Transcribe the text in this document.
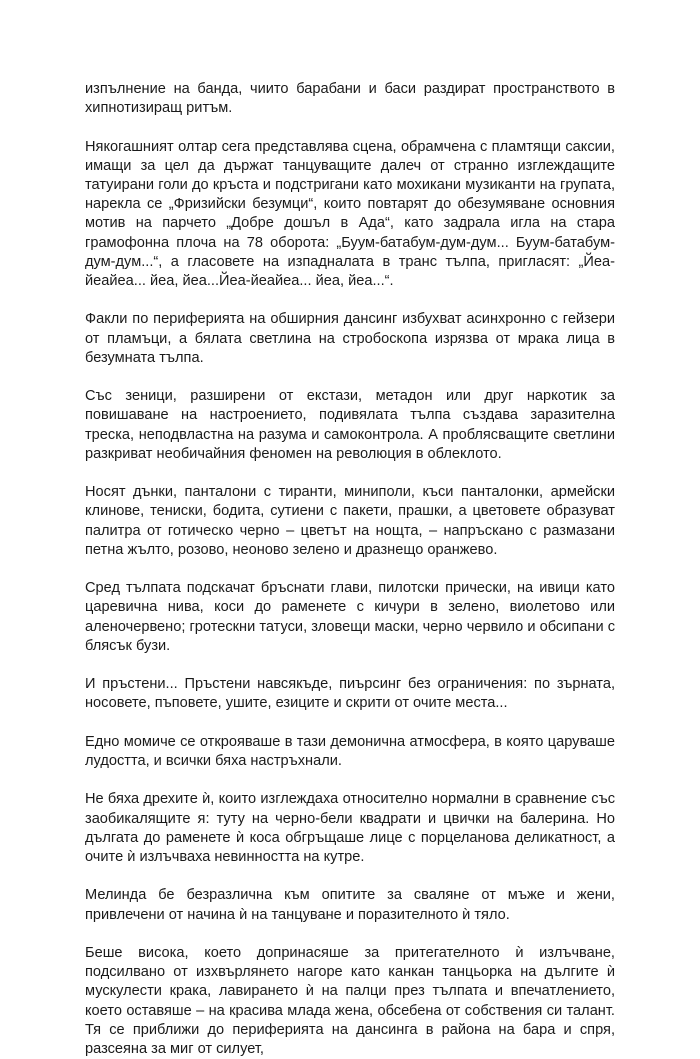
изпълнение на банда, чиито барабани и баси раздират пространството в хипнотизиращ ритъм.

Някогашният олтар сега представлява сцена, обрамчена с пламтящи саксии, имащи за цел да държат танцуващите далеч от странно изглеждащите татуирани голи до кръста и подстригани като мохикани музиканти на групата, нарекла се „Фризийски безумци“, които повтарят до обезумяване основния мотив на парчето „Добре дошъл в Ада“, като задрала игла на стара грамофонна плоча на 78 оборота: „Буум-батабум-дум-дум... Буум-батабум-дум-дум...“, а гласовете на изпадналата в транс тълпа, пригласят: „Йеа-йеайеа... йеа, йеа...Йеа-йеайеа... йеа, йеа...“.

Факли по периферията на обширния дансинг избухват асинхронно с гейзери от пламъци, а бялата светлина на стробоскопа изрязва от мрака лица в безумната тълпа.

Със зеници, разширени от екстази, метадон или друг наркотик за повишаване на настроението, подивялата тълпа създава заразителна треска, неподвластна на разума и самоконтрола. А проблясващите светлини разкриват необичайния феномен на революция в облеклото.

Носят дънки, панталони с тиранти, миниполи, къси панталонки, армейски клинове, тениски, бодита, сутиени с пакети, прашки, а цветовете образуват палитра от готическо черно – цветът на нощта, – напръскано с размазани петна жълто, розово, неоново зелено и дразнещо оранжево.

Сред тълпата подскачат бръснати глави, пилотски прически, на ивици като царевична нива, коси до раменете с кичури в зелено, виолетово или аленочервено; гротескни татуси, зловещи маски, черно червило и обсипани с блясък бузи.

И пръстени... Пръстени навсякъде, пиърсинг без ограничения: по зърната, носовете, пъповете, ушите, езиците и скрити от очите места...

Едно момиче се открояваше в тази демонична атмосфера, в която царуваше лудостта, и всички бяха настръхнали.

Не бяха дрехите ѝ, които изглеждаха относително нормални в сравнение със заобикалящите я: туту на черно-бели квадрати и цвички на балерина. Но дългата до раменете ѝ коса обгръщаше лице с порцеланова деликатност, а очите ѝ излъчваха невинността на кутре.

Мелинда бе безразлична към опитите за сваляне от мъже и жени, привлечени от начина ѝ на танцуване и поразителното ѝ тяло.

Беше висока, което допринасяше за притегателното ѝ излъчване, подсилвано от изхвърлянето нагоре като канкан танцьорка на дългите ѝ мускулести крака, лавирането ѝ на палци през тълпата и впечатлението, което оставяше – на красива млада жена, обсебена от собствения си талант. Тя се приближи до периферията на дансинга в района на бара и спря, разсеяна за миг от силует,
